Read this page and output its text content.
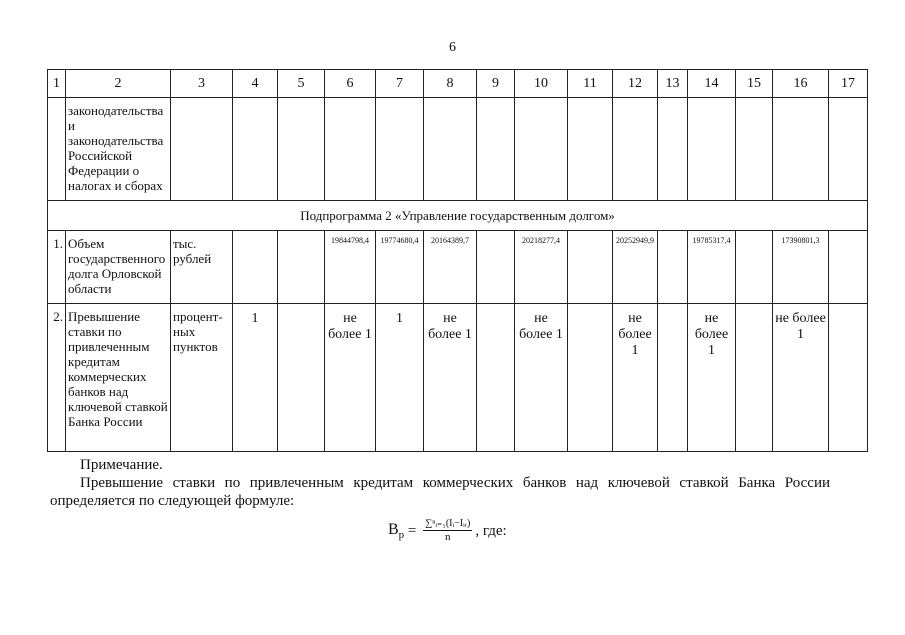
6
1	2	3	4	5	6	7	8	9	10	11	12	13	14	15	16	17
	законодательства и законодательства Российской Федерации о налогах и сборах															
Подпрограмма 2 «Управление государственным долгом»																
1.	Объем государственного долга Орловской области	тыс. рублей			19844798,4	19774680,4	20164389,7		20218277,4		20252949,9		19785317,4		17390801,3	
2.	Превышение ставки по привлеченным кредитам коммерческих банков над ключевой ставкой Банка России	процент-ных пунктов	1		не более 1	1	не более 1		не более 1		не более 1		не более 1		не более 1	
Примечание.
Превышение ставки по привлеченным кредитам коммерческих банков над ключевой ставкой Банка России определяется по следующей формуле:
$B_p = \frac{\text{∑ⁿᵢ₌₁(Iᵢ−Iᵢᵣ)}}{n}$ , где:
